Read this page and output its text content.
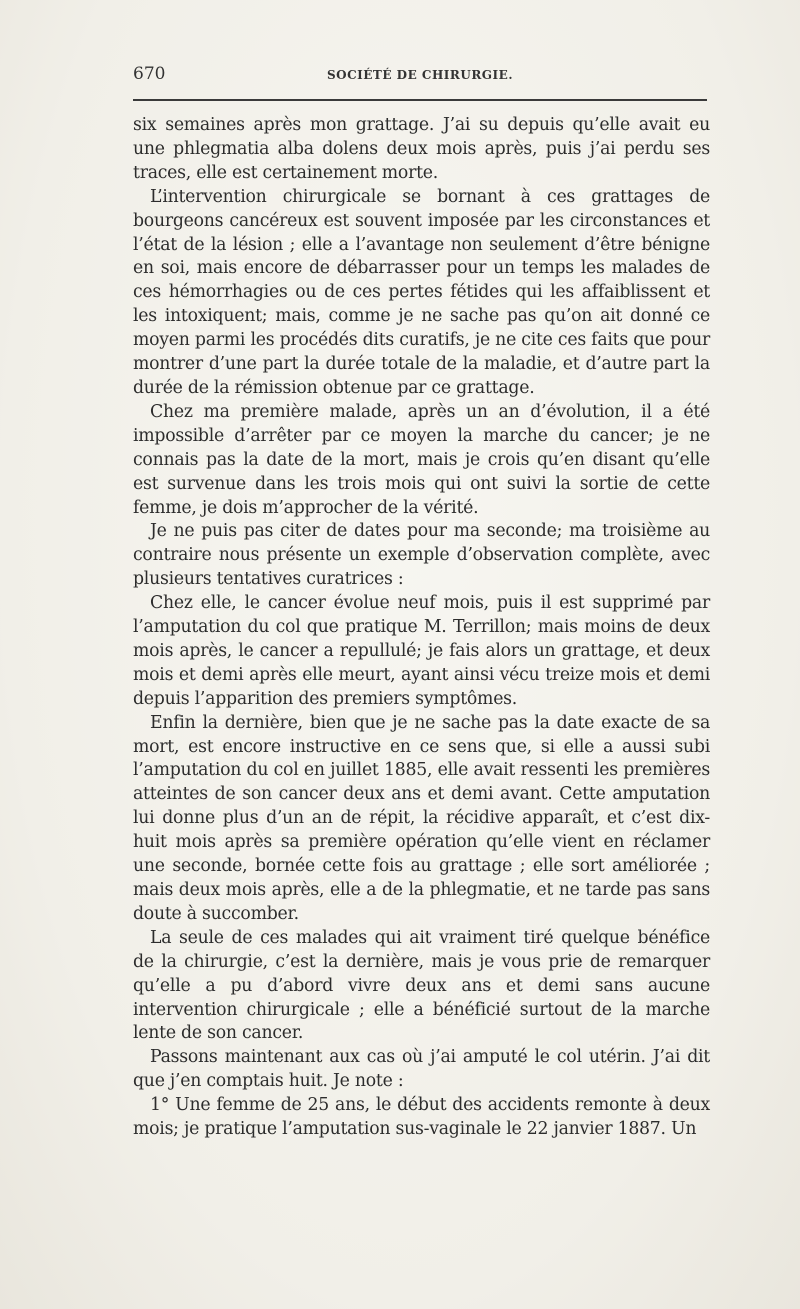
670	SOCIÉTÉ DE CHIRURGIE.

six semaines après mon grattage. J’ai su depuis qu’elle avait eu une phlegmatia alba dolens deux mois après, puis j’ai perdu ses traces, elle est certainement morte.

L’intervention chirurgicale se bornant à ces grattages de bourgeons cancéreux est souvent imposée par les circonstances et l’état de la lésion ; elle a l’avantage non seulement d’être bénigne en soi, mais encore de débarrasser pour un temps les malades de ces hémorrhagies ou de ces pertes fétides qui les affaiblissent et les intoxiquent; mais, comme je ne sache pas qu’on ait donné ce moyen parmi les procédés dits curatifs, je ne cite ces faits que pour montrer d’une part la durée totale de la maladie, et d’autre part la durée de la rémission obtenue par ce grattage.

Chez ma première malade, après un an d’évolution, il a été impossible d’arrêter par ce moyen la marche du cancer; je ne connais pas la date de la mort, mais je crois qu’en disant qu’elle est survenue dans les trois mois qui ont suivi la sortie de cette femme, je dois m’approcher de la vérité.

Je ne puis pas citer de dates pour ma seconde; ma troisième au contraire nous présente un exemple d’observation complète, avec plusieurs tentatives curatrices :

Chez elle, le cancer évolue neuf mois, puis il est supprimé par l’amputation du col que pratique M. Terrillon; mais moins de deux mois après, le cancer a repullulé; je fais alors un grattage, et deux mois et demi après elle meurt, ayant ainsi vécu treize mois et demi depuis l’apparition des premiers symptômes.

Enfin la dernière, bien que je ne sache pas la date exacte de sa mort, est encore instructive en ce sens que, si elle a aussi subi l’amputation du col en juillet 1885, elle avait ressenti les premières atteintes de son cancer deux ans et demi avant. Cette amputation lui donne plus d’un an de répit, la récidive apparaît, et c’est dix-huit mois après sa première opération qu’elle vient en réclamer une seconde, bornée cette fois au grattage ; elle sort améliorée ; mais deux mois après, elle a de la phlegmatie, et ne tarde pas sans doute à succomber.

La seule de ces malades qui ait vraiment tiré quelque bénéfice de la chirurgie, c’est la dernière, mais je vous prie de remarquer qu’elle a pu d’abord vivre deux ans et demi sans aucune intervention chirurgicale ; elle a bénéficié surtout de la marche lente de son cancer.

Passons maintenant aux cas où j’ai amputé le col utérin. J’ai dit que j’en comptais huit. Je note :

1° Une femme de 25 ans, le début des accidents remonte à deux mois; je pratique l’amputation sus-vaginale le 22 janvier 1887. Un
